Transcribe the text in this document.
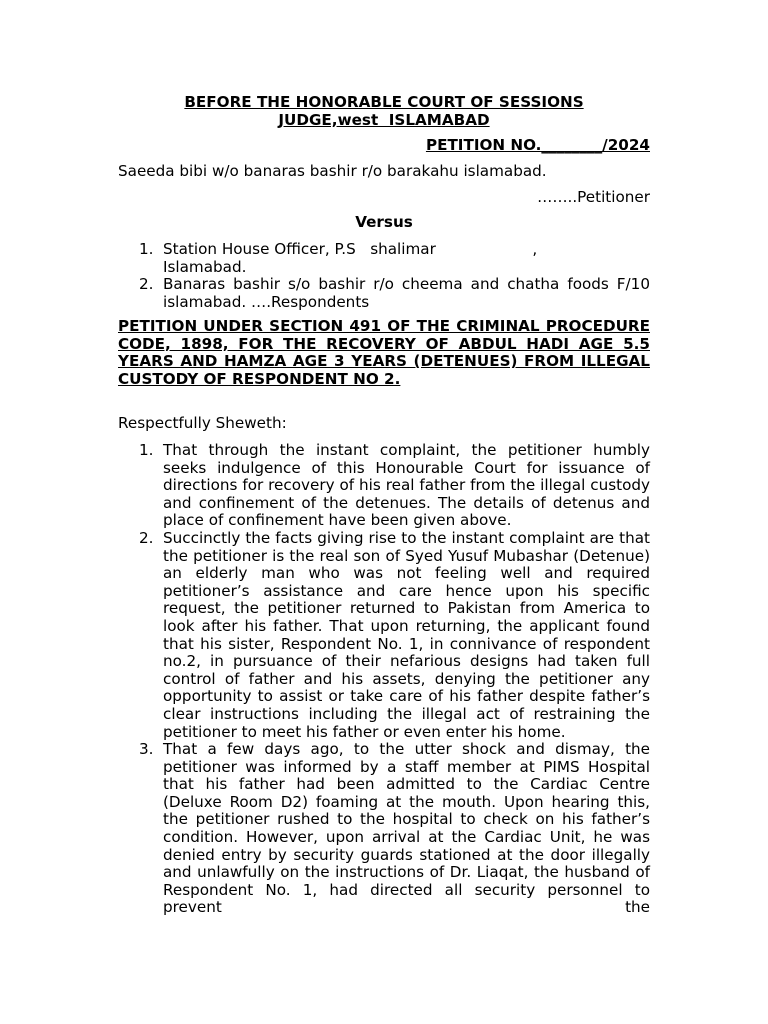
BEFORE THE HONORABLE COURT OF SESSIONS
JUDGE,west  ISLAMABAD
PETITION NO.________/2024
Saeeda bibi w/o banaras bashir r/o barakahu islamabad.
……..Petitioner
Versus
1. Station House Officer, P.S   shalimar                    ,
Islamabad.
2. Banaras bashir s/o bashir r/o cheema and chatha foods F/10 islamabad. ….Respondents
PETITION UNDER SECTION 491 OF THE CRIMINAL PROCEDURE CODE, 1898, FOR THE RECOVERY OF ABDUL HADI AGE 5.5 YEARS AND HAMZA AGE 3 YEARS (DETENUES) FROM ILLEGAL CUSTODY OF RESPONDENT NO 2.
Respectfully Sheweth:
1. That through the instant complaint, the petitioner humbly seeks indulgence of this Honourable Court for issuance of directions for recovery of his real father from the illegal custody and confinement of the detenues. The details of detenus and place of confinement have been given above.
2. Succinctly the facts giving rise to the instant complaint are that the petitioner is the real son of Syed Yusuf Mubashar (Detenue) an elderly man who was not feeling well and required petitioner’s assistance and care hence upon his specific request, the petitioner returned to Pakistan from America to look after his father. That upon returning, the applicant found that his sister, Respondent No. 1, in connivance of respondent no.2, in pursuance of their nefarious designs had taken full control of father and his assets, denying the petitioner any opportunity to assist or take care of his father despite father’s clear instructions including the illegal act of restraining the petitioner to meet his father or even enter his home.
3. That a few days ago, to the utter shock and dismay, the petitioner was informed by a staff member at PIMS Hospital that his father had been admitted to the Cardiac Centre (Deluxe Room D2) foaming at the mouth. Upon hearing this, the petitioner rushed to the hospital to check on his father’s condition. However, upon arrival at the Cardiac Unit, he was denied entry by security guards stationed at the door illegally and unlawfully on the instructions of Dr. Liaqat, the husband of Respondent No. 1, had directed all security personnel to prevent the
